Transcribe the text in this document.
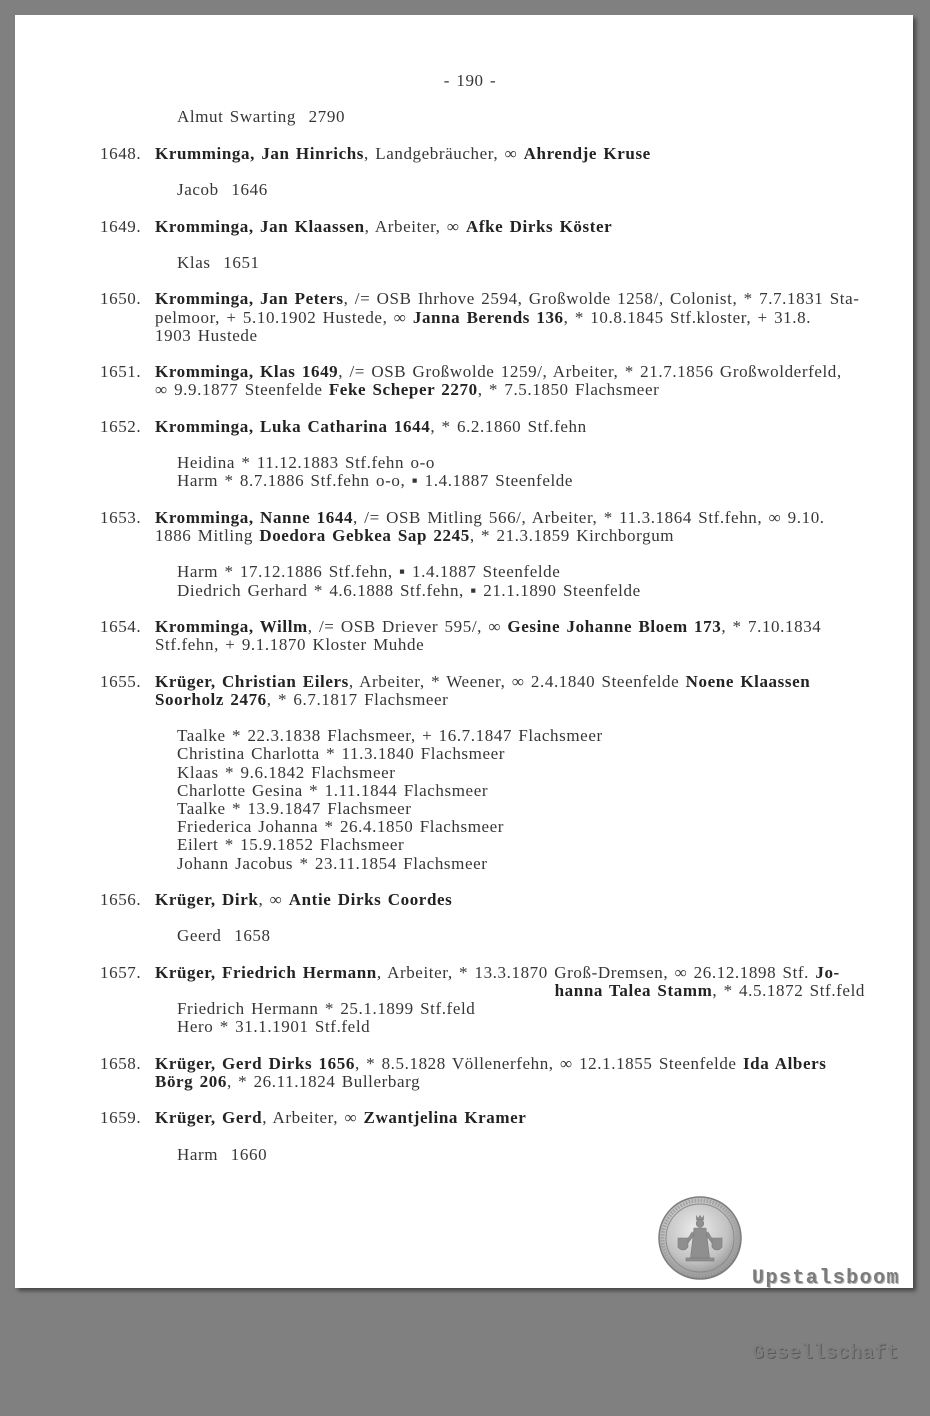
- 190 -
Almut Swarting  2790
1648. Krumminga, Jan Hinrichs, Landgebräucher, ∞ Ahrendje Kruse
Jacob  1646
1649. Kromminga, Jan Klaassen, Arbeiter, ∞ Afke Dirks Köster
Klas  1651
1650. Kromminga, Jan Peters, /= OSB Ihrhove 2594, Großwolde 1258/, Colonist, * 7.7.1831 Sta-
pelmoor, + 5.10.1902 Hustede, ∞ Janna Berends 136, * 10.8.1845 Stf.kloster, + 31.8.
1903 Hustede
1651. Kromminga, Klas 1649, /= OSB Großwolde 1259/, Arbeiter, * 21.7.1856 Großwolderfeld,
∞ 9.9.1877 Steenfelde Feke Scheper 2270, * 7.5.1850 Flachsmeer
1652. Kromminga, Luka Catharina 1644, * 6.2.1860 Stf.fehn
Heidina * 11.12.1883 Stf.fehn o-o
Harm * 8.7.1886 Stf.fehn o-o, ▪ 1.4.1887 Steenfelde
1653. Kromminga, Nanne 1644, /= OSB Mitling 566/, Arbeiter, * 11.3.1864 Stf.fehn, ∞ 9.10.
1886 Mitling Doedora Gebkea Sap 2245, * 21.3.1859 Kirchborgum
Harm * 17.12.1886 Stf.fehn, ▪ 1.4.1887 Steenfelde
Diedrich Gerhard * 4.6.1888 Stf.fehn, ▪ 21.1.1890 Steenfelde
1654. Kromminga, Willm, /= OSB Driever 595/, ∞ Gesine Johanne Bloem 173, * 7.10.1834
Stf.fehn, + 9.1.1870 Kloster Muhde
1655. Krüger, Christian Eilers, Arbeiter, * Weener, ∞ 2.4.1840 Steenfelde Noene Klaassen
Soorholz 2476, * 6.7.1817 Flachsmeer
Taalke * 22.3.1838 Flachsmeer, + 16.7.1847 Flachsmeer
Christina Charlotta * 11.3.1840 Flachsmeer
Klaas * 9.6.1842 Flachsmeer
Charlotte Gesina * 1.11.1844 Flachsmeer
Taalke * 13.9.1847 Flachsmeer
Friederica Johanna * 26.4.1850 Flachsmeer
Eilert * 15.9.1852 Flachsmeer
Johann Jacobus * 23.11.1854 Flachsmeer
1656. Krüger, Dirk, ∞ Antie Dirks Coordes
Geerd  1658
1657. Krüger, Friedrich Hermann, Arbeiter, * 13.3.1870 Groß-Dremsen, ∞ 26.12.1898 Stf. Jo-
hanna Talea Stamm, * 4.5.1872 Stf.feld
Friedrich Hermann * 25.1.1899 Stf.feld
Hero * 31.1.1901 Stf.feld
1658. Krüger, Gerd Dirks 1656, * 8.5.1828 Völlenerfehn, ∞ 12.1.1855 Steenfelde Ida Albers
Börg 206, * 26.11.1824 Bullerbarg
1659. Krüger, Gerd, Arbeiter, ∞ Zwantjelina Kramer
Harm  1660

Upstalsboom

Gesellschaft
